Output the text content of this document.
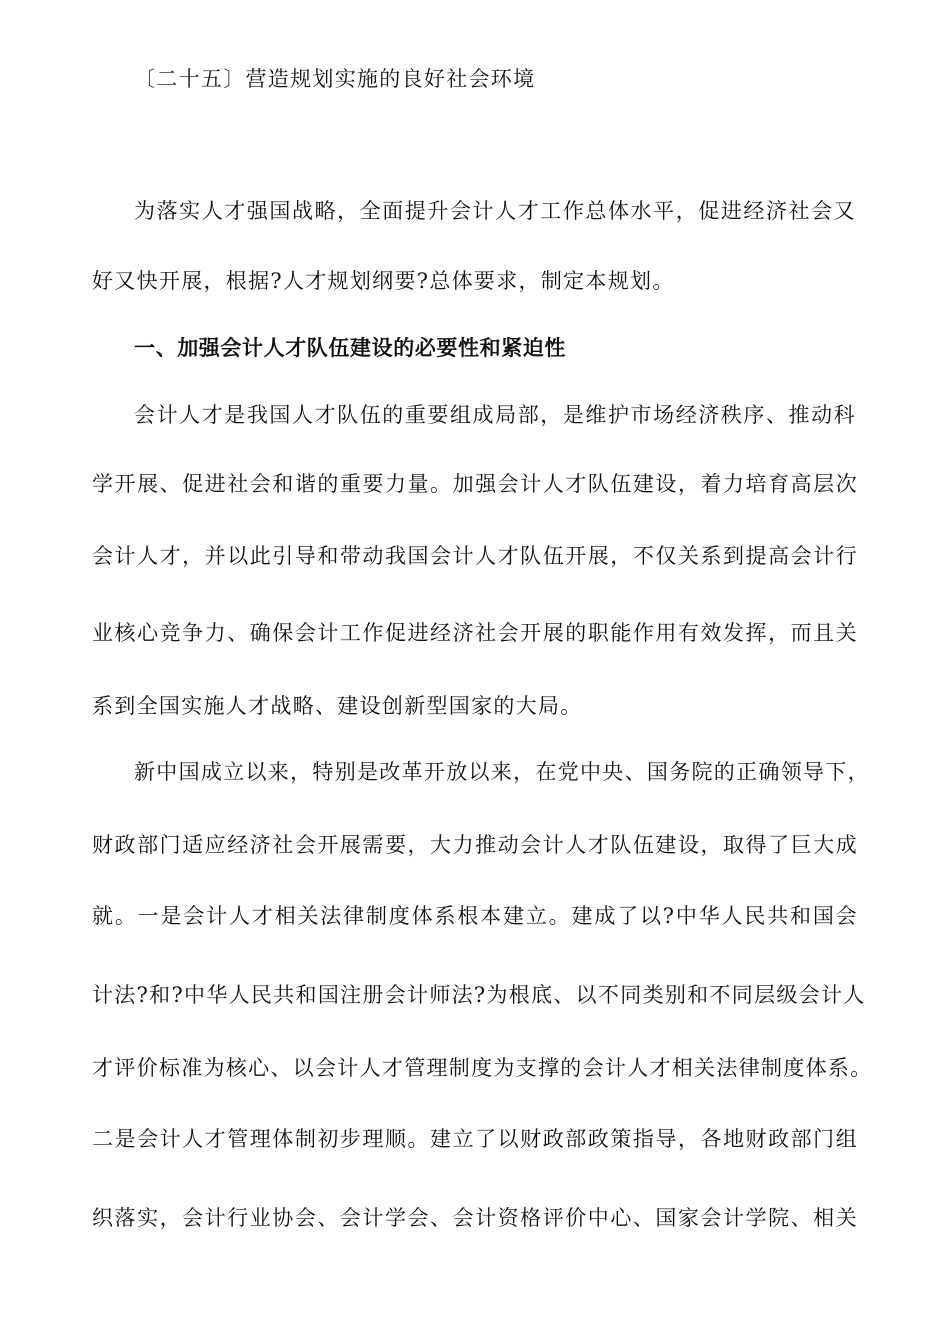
〔二十五〕营造规划实施的良好社会环境
为落实人才强国战略，全面提升会计人才工作总体水平，促进经济社会又
好又快开展，根据?人才规划纲要?总体要求，制定本规划。
一、加强会计人才队伍建设的必要性和紧迫性
会计人才是我国人才队伍的重要组成局部，是维护市场经济秩序、推动科
学开展、促进社会和谐的重要力量。加强会计人才队伍建设，着力培育高层次
会计人才，并以此引导和带动我国会计人才队伍开展，不仅关系到提高会计行
业核心竞争力、确保会计工作促进经济社会开展的职能作用有效发挥，而且关
系到全国实施人才战略、建设创新型国家的大局。
新中国成立以来，特别是改革开放以来，在党中央、国务院的正确领导下，
财政部门适应经济社会开展需要，大力推动会计人才队伍建设，取得了巨大成
就。一是会计人才相关法律制度体系根本建立。建成了以?中华人民共和国会
计法?和?中华人民共和国注册会计师法?为根底、以不同类别和不同层级会计人
才评价标准为核心、以会计人才管理制度为支撑的会计人才相关法律制度体系。
二是会计人才管理体制初步理顺。建立了以财政部政策指导，各地财政部门组
织落实，会计行业协会、会计学会、会计资格评价中心、国家会计学院、相关
